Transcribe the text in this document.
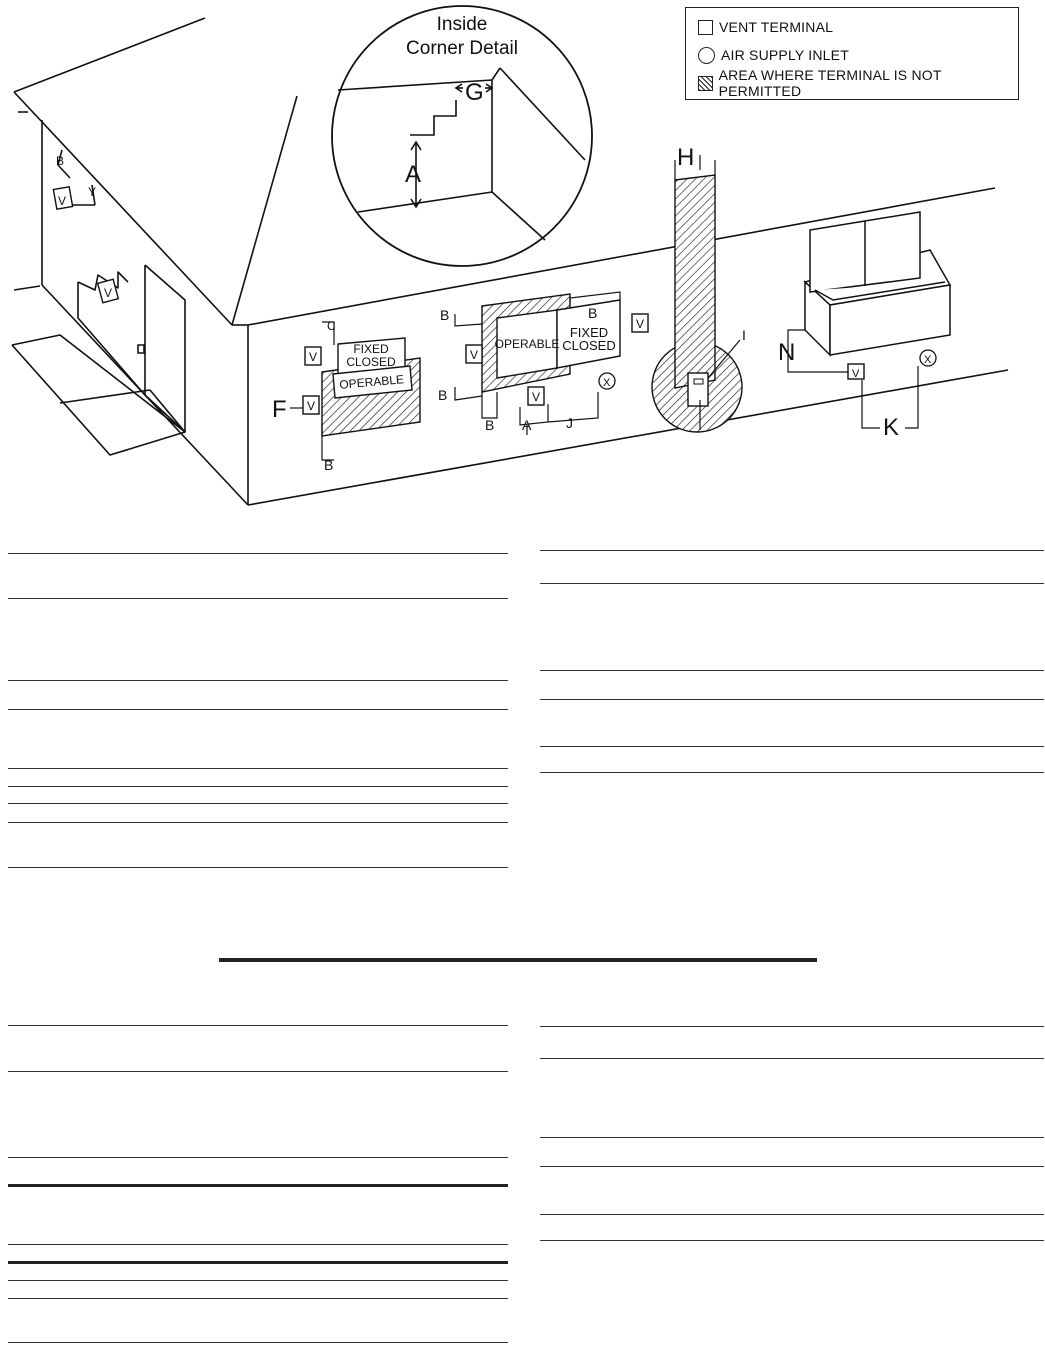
V
V
B
Y
Inside
Corner Detail
A
G
FIXED
CLOSED
OPERABLE
V
V
C
B
F
OPERABLE
FIXED
CLOSED
V
V
V
X
B
B
B
B A J
H
I
V
X
N
K
VENT TERMINAL
AIR SUPPLY INLET
AREA WHERE TERMINAL IS NOT PERMITTED
